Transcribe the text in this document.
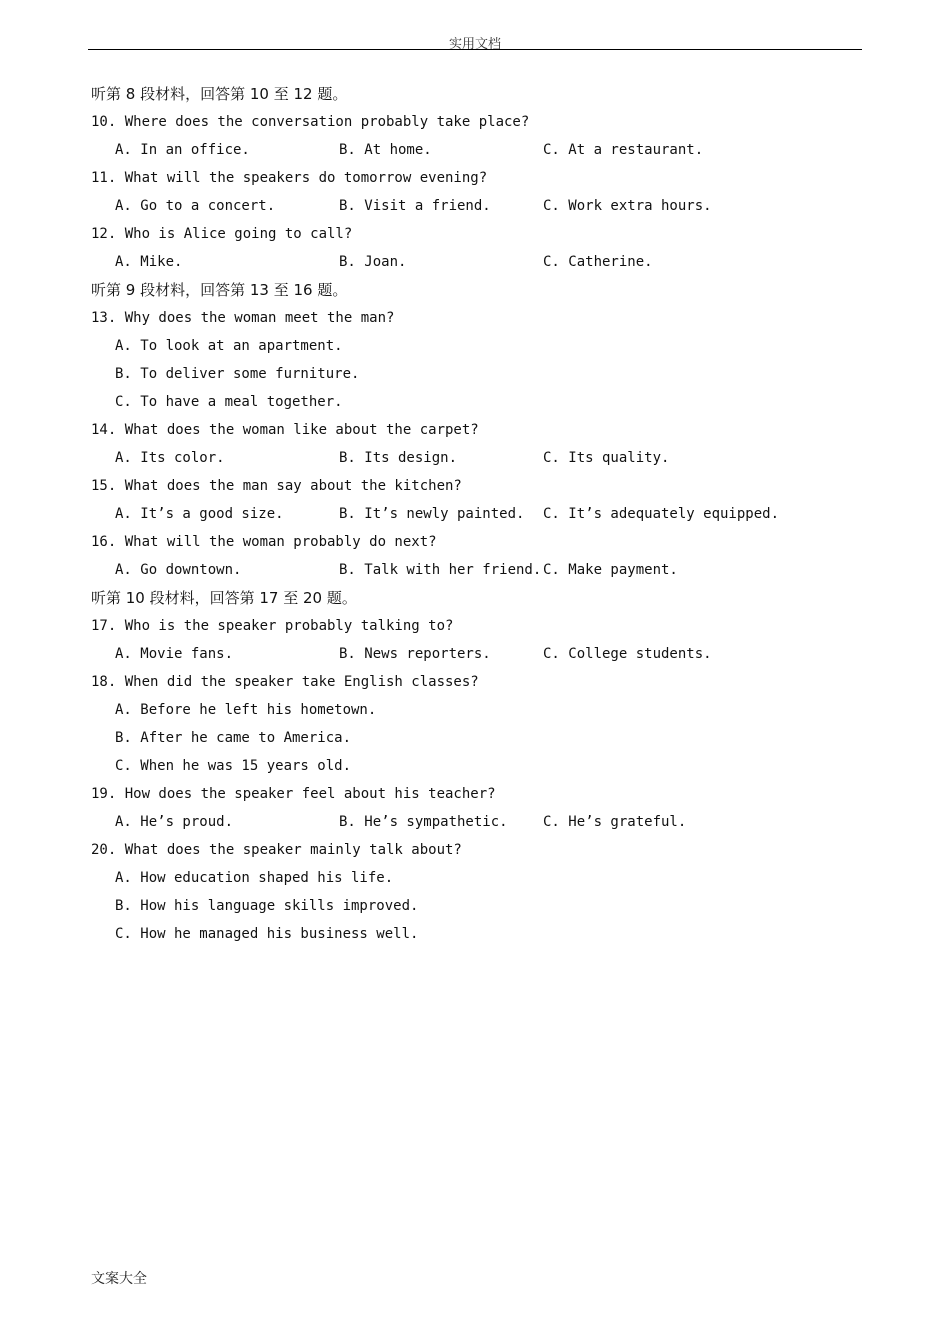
实用文档
听第 8 段材料，回答第 10 至 12 题。
10. Where does the conversation probably take place?

A. In an office.

	B. At home.

	C. At a restaurant.

11. What will the speakers do tomorrow evening?

A. Go to a concert.

	B. Visit a friend.

	C. Work extra hours.

12. Who is Alice going to call?

A. Mike.

	B. Joan.

	C. Catherine.

听第 9 段材料，回答第 13 至 16 题。
13. Why does the woman meet the man?
A. To look at an apartment.
B. To deliver some furniture.
C. To have a meal together.
14. What does the woman like about the carpet?

A. Its color.

	B. Its design.

	C. Its quality.

15. What does the man say about the kitchen?

A. It’s a good size.

	B. It’s newly painted.

C. It’s adequately equipped.

16. What will the woman probably do next?

A. Go downtown.

	B. Talk with her friend.

C. Make payment.

听第 10 段材料，回答第 17 至 20 题。
17. Who is the speaker probably talking to?

A. Movie fans.

	B. News reporters.

	C. College students.

18. When did the speaker take English classes?
A. Before he left his hometown.
B. After he came to America.
C. When he was 15 years old.
19. How does the speaker feel about his teacher?

A. He’s proud.

	B. He’s sympathetic.

	C. He’s grateful.

20. What does the speaker mainly talk about?
A. How education shaped his life.
B. How his language skills improved.
C. How he managed his business well.
文案大全
